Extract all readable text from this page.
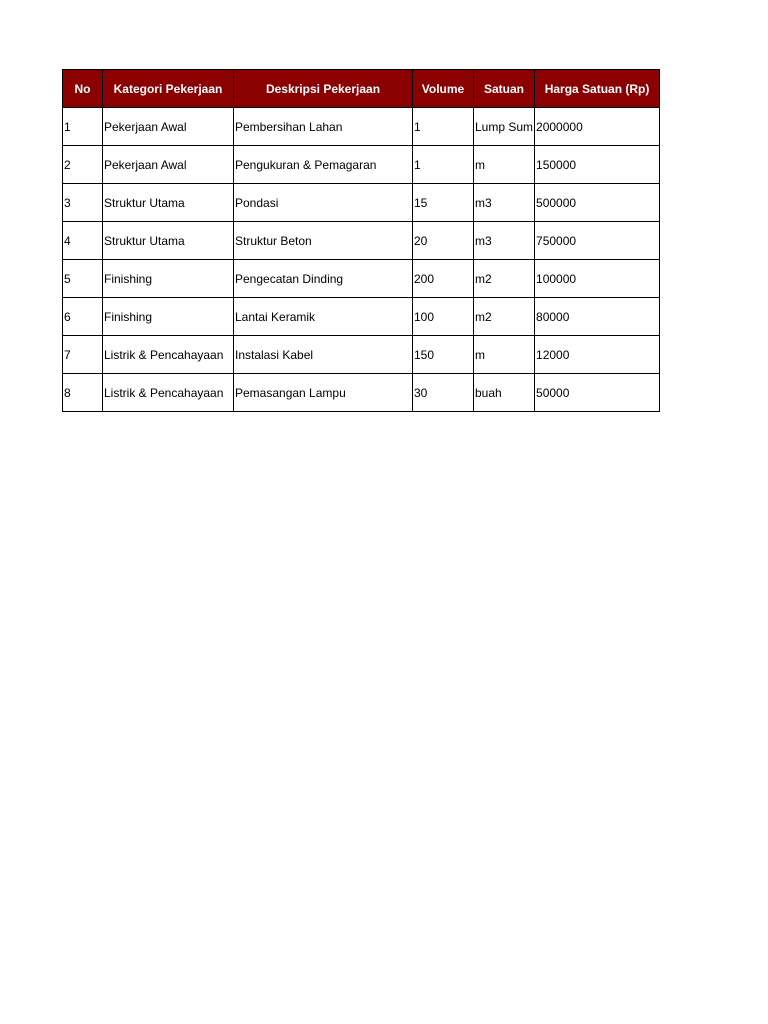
No	Kategori Pekerjaan	Deskripsi Pekerjaan	Volume	Satuan	Harga Satuan (Rp)
1	Pekerjaan Awal	Pembersihan Lahan	1	Lump Sum	2000000
2	Pekerjaan Awal	Pengukuran & Pemagaran	1	m	150000
3	Struktur Utama	Pondasi	15	m3	500000
4	Struktur Utama	Struktur Beton	20	m3	750000
5	Finishing	Pengecatan Dinding	200	m2	100000
6	Finishing	Lantai Keramik	100	m2	80000
7	Listrik & Pencahayaan	Instalasi Kabel	150	m	12000
8	Listrik & Pencahayaan	Pemasangan Lampu	30	buah	50000
